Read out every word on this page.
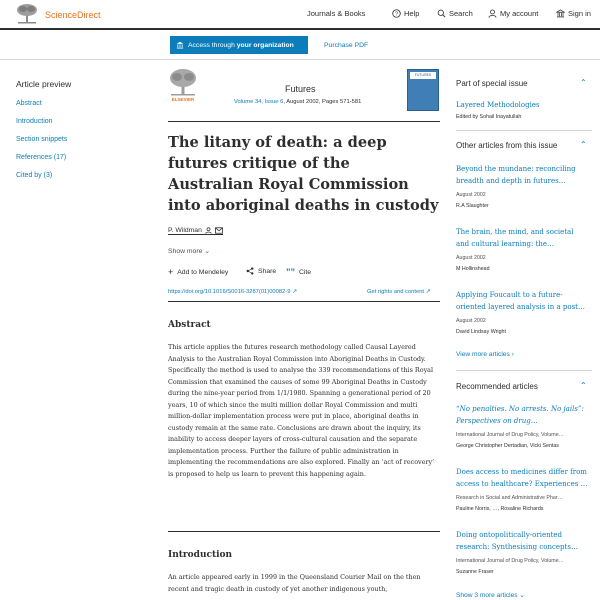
ScienceDirect	Journals & Books	? Help	Search	My account	Sign in
Access through your organization	Purchase PDF
Article preview
Abstract
Introduction
Section snippets
References (17)
Cited by (3)
ELSEVIER
Futures
Volume 34, Issue 6, August 2002, Pages 571-581
FUTURES
The litany of death: a deep futures critique of the Australian Royal Commission into aboriginal deaths in custody
P. Wildman
Show more ⌄
+ Add to Mendeley	Share ”” Cite
https://doi.org/10.1016/S0016-3287(01)00082-9 ↗	Get rights and content ↗
Abstract

This article applies the futures research methodology called Causal Layered Analysis to the Australian Royal Commission into Aboriginal Deaths in Custody. Specifically the method is used to analyse the 339 recommendations of this Royal Commission that examined the causes of some 99 Aboriginal Deaths in Custody during the nine-year period from 1/1/1980. Spanning a generational period of 20 years, 10 of which since the multi million dollar Royal Commission and multi million-dollar implementation process were put in place, aboriginal deaths in custody remain at the same rate. Conclusions are drawn about the inquiry, its inability to access deeper layers of cross-cultural causation and the separate implementation process. Further the failure of public administration in implementing the recommendations are also explored. Finally an ‘act of recovery’ is proposed to help us learn to prevent this happening again.

Introduction

An article appeared early in 1999 in the Queensland Courier Mail on the then recent and tragic death in custody of yet another indigenous youth,

Part of special issue	⌃
Layered Methodologies
Edited by Sohail Inayatullah
Other articles from this issue	⌃
Beyond the mundane: reconciling breadth and depth in futures…
August 2002
R.A Slaughter
The brain, the mind, and societal and cultural learning: the…
August 2002
M Hollinshead
Applying Foucault to a future-oriented layered analysis in a post…
August 2002
David Lindsay Wright
View more articles ›
Recommended articles	⌃
“No penalties. No arrests. No jails”: Perspectives on drug…
International Journal of Drug Policy, Volume…
George Christopher Dertadian, Vicki Sentas
Does access to medicines differ from access to healthcare? Experiences …
Research in Social and Administrative Phar…
Pauline Norris, …, Rosaline Richards
Doing ontopolitically-oriented research: Synthesising concepts…
International Journal of Drug Policy, Volume…
Suzanne Fraser
Show 3 more articles ⌄
